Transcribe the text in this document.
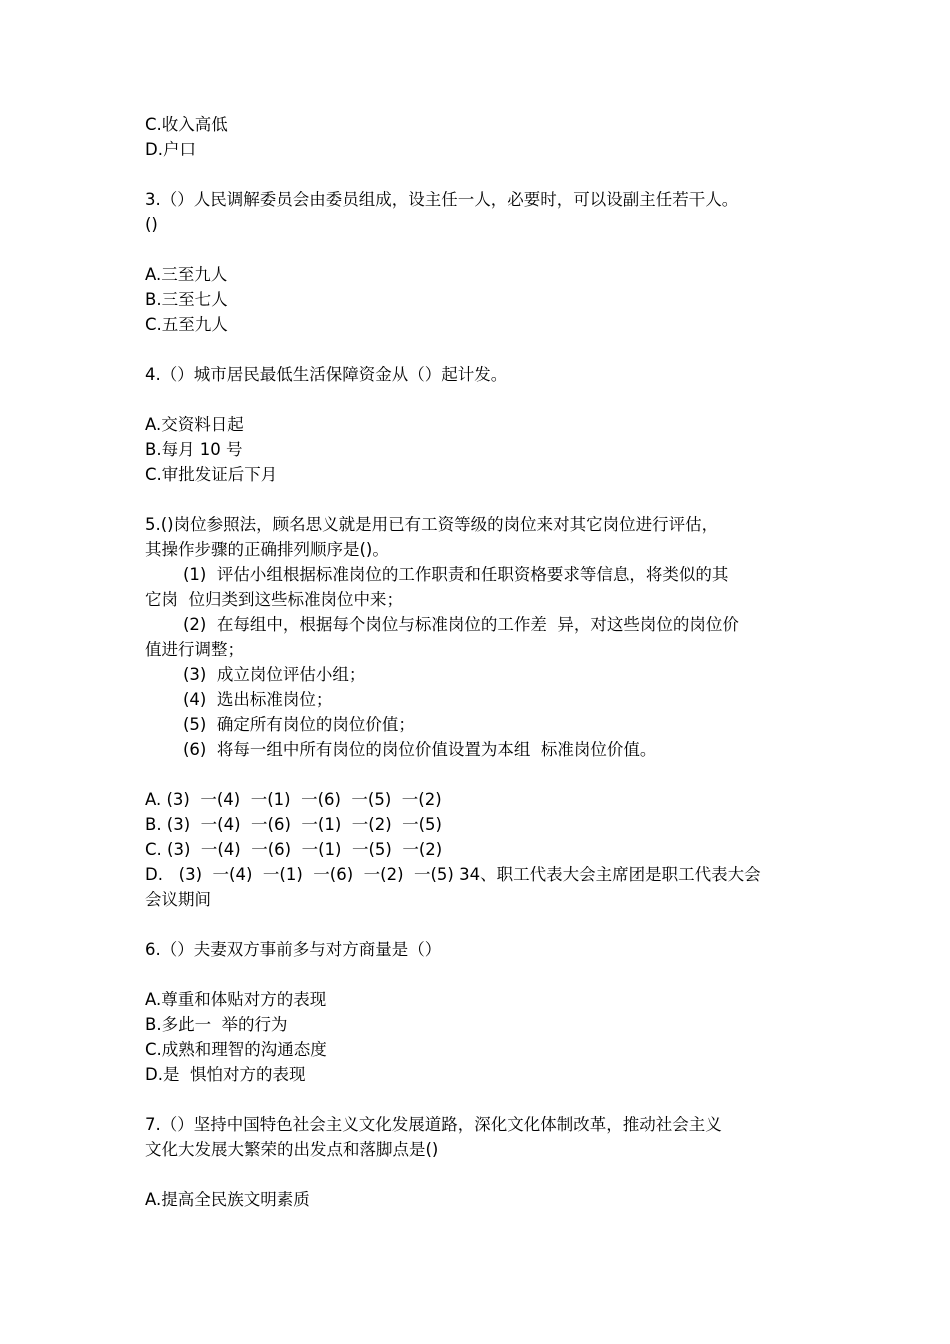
C.收入高低
D.户口
3.（）人民调解委员会由委员组成，设主任一人，必要时，可以设副主任若干人。
()
A.三至九人
B.三至七人
C.五至九人
4.（）城市居民最低生活保障资金从（）起计发。
A.交资料日起
B.每月 10 号
C.审批发证后下月
5.()岗位参照法，顾名思义就是用已有工资等级的岗位来对其它岗位进行评估，
其操作步骤的正确排列顺序是()。
(1)  评估小组根据标准岗位的工作职责和任职资格要求等信息，将类似的其
它岗  位归类到这些标准岗位中来；
(2)  在每组中，根据每个岗位与标准岗位的工作差  异，对这些岗位的岗位价
值进行调整；
(3)  成立岗位评估小组；
(4)  选出标准岗位；
(5)  确定所有岗位的岗位价值；
(6)  将每一组中所有岗位的岗位价值设置为本组  标准岗位价值。
A. (3)  一(4)  一(1)  一(6)  一(5)  一(2)
B. (3)  一(4)  一(6)  一(1)  一(2)  一(5)
C. (3)  一(4)  一(6)  一(1)  一(5)  一(2)
D.   (3)  一(4)  一(1)  一(6)  一(2)  一(5) 34、职工代表大会主席团是职工代表大会
会议期间
6.（）夫妻双方事前多与对方商量是（）
A.尊重和体贴对方的表现
B.多此一  举的行为
C.成熟和理智的沟通态度
D.是  惧怕对方的表现
7.（）坚持中国特色社会主义文化发展道路，深化文化体制改革，推动社会主义
文化大发展大繁荣的出发点和落脚点是()
A.提高全民族文明素质
